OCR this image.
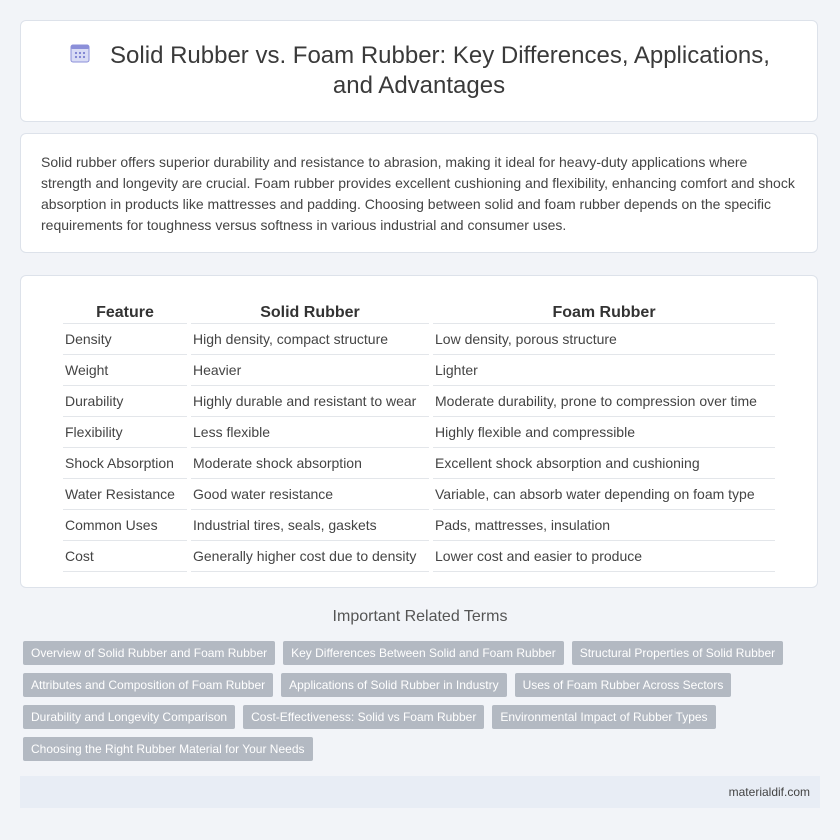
Solid Rubber vs. Foam Rubber: Key Differences, Applications, and Advantages
Solid rubber offers superior durability and resistance to abrasion, making it ideal for heavy-duty applications where strength and longevity are crucial. Foam rubber provides excellent cushioning and flexibility, enhancing comfort and shock absorption in products like mattresses and padding. Choosing between solid and foam rubber depends on the specific requirements for toughness versus softness in various industrial and consumer uses.
Feature	Solid Rubber	Foam Rubber
Density	High density, compact structure	Low density, porous structure
Weight	Heavier	Lighter
Durability	Highly durable and resistant to wear	Moderate durability, prone to compression over time
Flexibility	Less flexible	Highly flexible and compressible
Shock Absorption	Moderate shock absorption	Excellent shock absorption and cushioning
Water Resistance	Good water resistance	Variable, can absorb water depending on foam type
Common Uses	Industrial tires, seals, gaskets	Pads, mattresses, insulation
Cost	Generally higher cost due to density	Lower cost and easier to produce
Important Related Terms
Overview of Solid Rubber and Foam Rubber	Key Differences Between Solid and Foam Rubber	Structural Properties of Solid Rubber
Attributes and Composition of Foam Rubber	Applications of Solid Rubber in Industry	Uses of Foam Rubber Across Sectors
Durability and Longevity Comparison	Cost-Effectiveness: Solid vs Foam Rubber	Environmental Impact of Rubber Types
Choosing the Right Rubber Material for Your Needs
materialdif.com
